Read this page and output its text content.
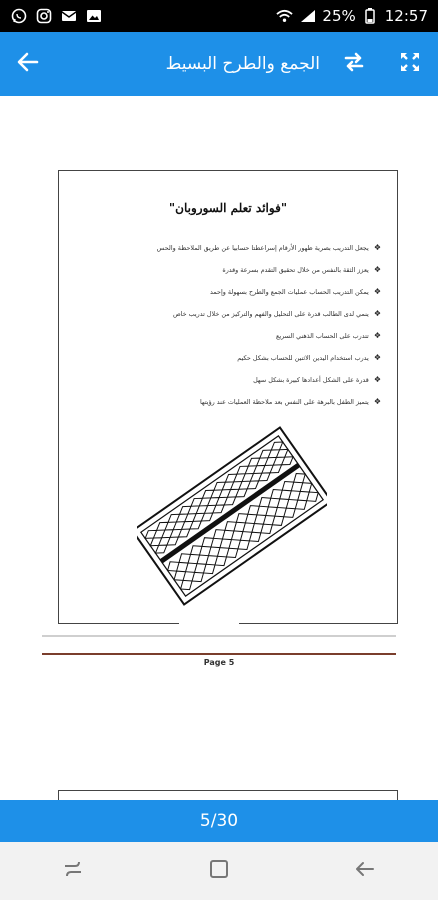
25% 12:57
الجمع والطرح البسيط
"فوائد تعلم السوروبان"
❖
يجعل التدريب بصرية ظهور الأرقام إسراعطتا حسابيا عن طريق الملاحظة والحس
❖
يعزز الثقة بالنفس من خلال تحقيق التقدم بسرعة وقدرة
❖
يمكن التدريب الحساب عمليات الجمع والطرح بسهولة وإحمد
❖
ينمي لدى الطالب قدرة على التحليل والفهم والتركيز من خلال تدريب خاص
❖
تتدرب على الحساب الذهني السريع
❖
يدرب استخدام اليدين الاثنين للحساب بشكل حكيم
❖
قدرة على الشكل أعدادها كبيرة بشكل سهل
❖
يتميز الطفل بالبرهة على النفس بعد ملاحظة العمليات عند رؤيتها
Page 5
5/30
